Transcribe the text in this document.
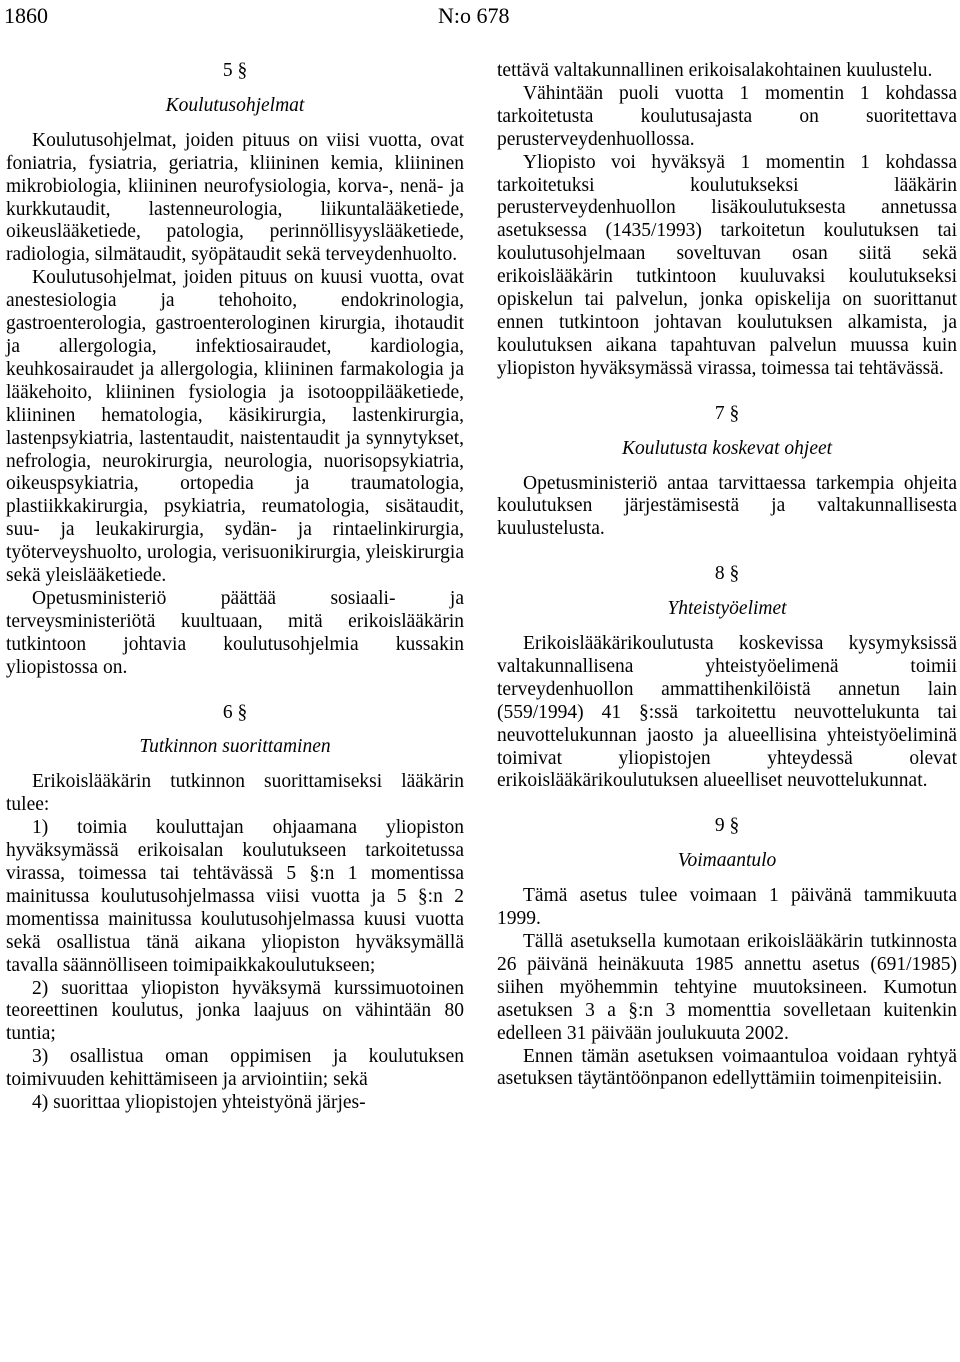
1860	N:o 678
5 §
Koulutusohjelmat

Koulutusohjelmat, joiden pituus on viisi vuotta, ovat foniatria, fysiatria, geriatria, kliininen kemia, kliininen mikrobiologia, kliininen neurofysiologia, korva-, nenä- ja kurkkutaudit, lastenneurologia, liikuntalääketiede, oikeuslääketiede, patologia, perinnöllisyyslääketiede, radiologia, silmätaudit, syöpätaudit sekä terveydenhuolto.

Koulutusohjelmat, joiden pituus on kuusi vuotta, ovat anestesiologia ja tehohoito, endokrinologia, gastroenterologia, gastroenterologinen kirurgia, ihotaudit ja allergologia, infektiosairaudet, kardiologia, keuhkosairaudet ja allergologia, kliininen farmakologia ja lääkehoito, kliininen fysiologia ja isotooppilääketiede, kliininen hematologia, käsikirurgia, lastenkirurgia, lastenpsykiatria, lastentaudit, naistentaudit ja synnytykset, nefrologia, neurokirurgia, neurologia, nuorisopsykiatria, oikeuspsykiatria, ortopedia ja traumatologia, plastiikkakirurgia, psykiatria, reumatologia, sisätaudit, suu- ja leukakirurgia, sydän- ja rintaelinkirurgia, työterveyshuolto, urologia, verisuonikirurgia, yleiskirurgia sekä yleislääketiede.

Opetusministeriö päättää sosiaali- ja terveysministeriötä kuultuaan, mitä erikoislääkärin tutkintoon johtavia koulutusohjelmia kussakin yliopistossa on.

6 §
Tutkinnon suorittaminen

Erikoislääkärin tutkinnon suorittamiseksi lääkärin tulee:

1) toimia kouluttajan ohjaamana yliopiston hyväksymässä erikoisalan koulutukseen tarkoitetussa virassa, toimessa tai tehtävässä 5 §:n 1 momentissa mainitussa koulutusohjelmassa viisi vuotta ja 5 §:n 2 momentissa mainitussa koulutusohjelmassa kuusi vuotta sekä osallistua tänä aikana yliopiston hyväksymällä tavalla säännölliseen toimipaikkakoulutukseen;

2) suorittaa yliopiston hyväksymä kurssimuotoinen teoreettinen koulutus, jonka laajuus on vähintään 80 tuntia;

3) osallistua oman oppimisen ja koulutuksen toimivuuden kehittämiseen ja arviointiin; sekä

4) suorittaa yliopistojen yhteistyönä järjes-

tettävä valtakunnallinen erikoisalakohtainen kuulustelu.

Vähintään puoli vuotta 1 momentin 1 kohdassa tarkoitetusta koulutusajasta on suoritettava perusterveydenhuollossa.

Yliopisto voi hyväksyä 1 momentin 1 kohdassa tarkoitetuksi koulutukseksi lääkärin perusterveydenhuollon lisäkoulutuksesta annetussa asetuksessa (1435/1993) tarkoitetun koulutuksen tai koulutusohjelmaan soveltuvan osan siitä sekä erikoislääkärin tutkintoon kuuluvaksi koulutukseksi opiskelun tai palvelun, jonka opiskelija on suorittanut ennen tutkintoon johtavan koulutuksen alkamista, ja koulutuksen aikana tapahtuvan palvelun muussa kuin yliopiston hyväksymässä virassa, toimessa tai tehtävässä.

7 §
Koulutusta koskevat ohjeet

Opetusministeriö antaa tarvittaessa tarkempia ohjeita koulutuksen järjestämisestä ja valtakunnallisesta kuulustelusta.

8 §
Yhteistyöelimet

Erikoislääkärikoulutusta koskevissa kysymyksissä valtakunnallisena yhteistyöelimenä toimii terveydenhuollon ammattihenkilöistä annetun lain (559/1994) 41 §:ssä tarkoitettu neuvottelukunta tai neuvottelukunnan jaosto ja alueellisina yhteistyöeliminä toimivat yliopistojen yhteydessä olevat erikoislääkärikoulutuksen alueelliset neuvottelukunnat.

9 §
Voimaantulo

Tämä asetus tulee voimaan 1 päivänä tammikuuta 1999.

Tällä asetuksella kumotaan erikoislääkärin tutkinnosta 26 päivänä heinäkuuta 1985 annettu asetus (691/1985) siihen myöhemmin tehtyine muutoksineen. Kumotun asetuksen 3 a §:n 3 momenttia sovelletaan kuitenkin edelleen 31 päivään joulukuuta 2002.

Ennen tämän asetuksen voimaantuloa voidaan ryhtyä asetuksen täytäntöönpanon edellyttämiin toimenpiteisiin.
